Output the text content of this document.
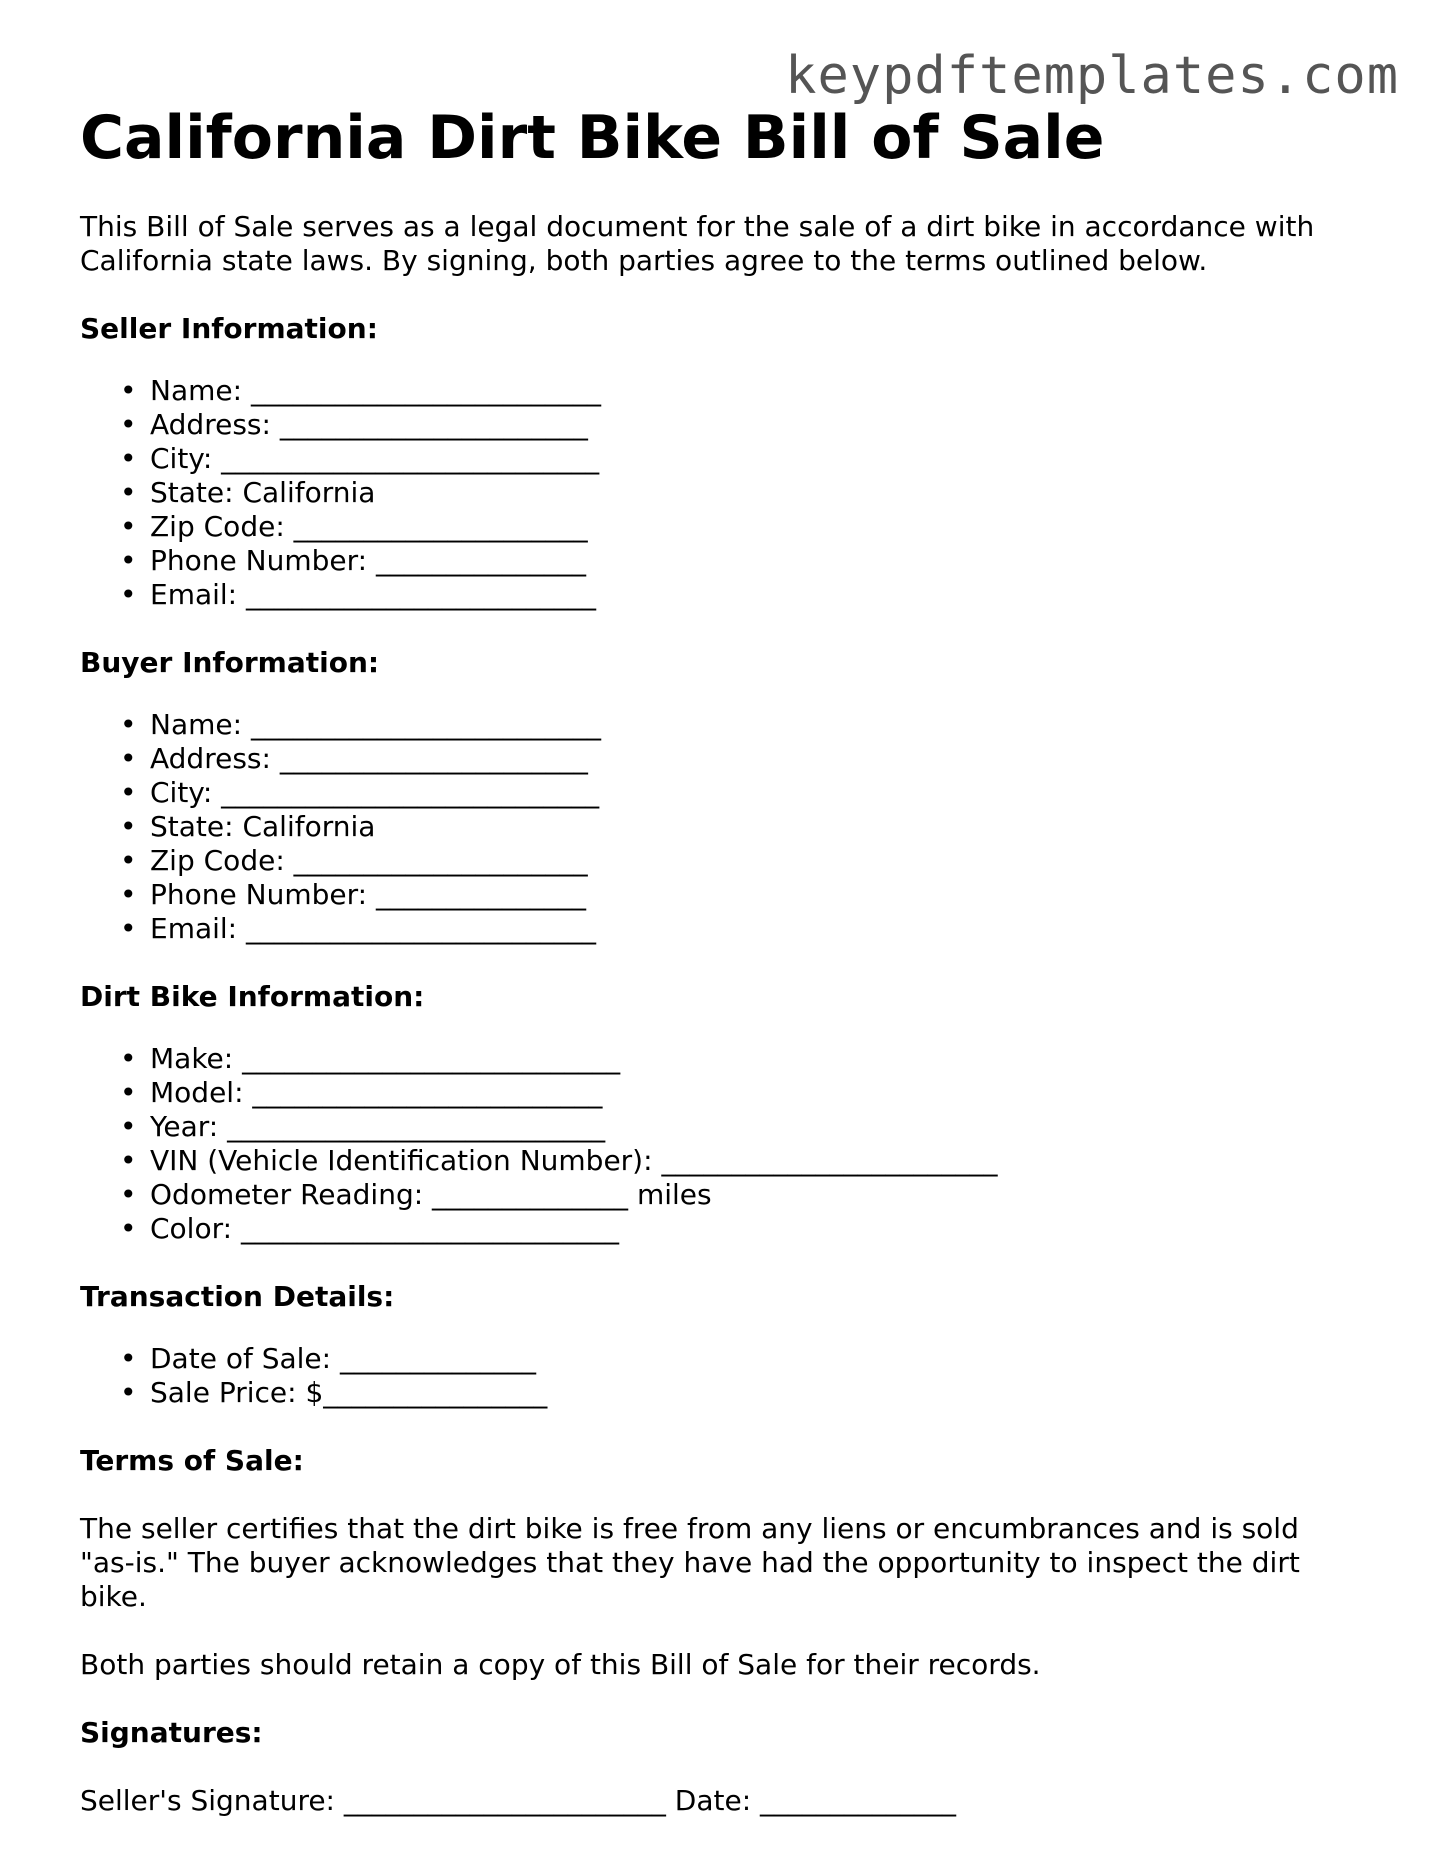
keypdftemplates.com
California Dirt Bike Bill of Sale

This Bill of Sale serves as a legal document for the sale of a dirt bike in accordance with California state laws. By signing, both parties agree to the terms outlined below.

Seller Information:
• Name: _________________________
• Address: ______________________
• City: ___________________________
• State: California
• Zip Code: _____________________
• Phone Number: _______________
• Email: _________________________
Buyer Information:
• Name: _________________________
• Address: ______________________
• City: ___________________________
• State: California
• Zip Code: _____________________
• Phone Number: _______________
• Email: _________________________
Dirt Bike Information:
• Make: ___________________________
• Model: _________________________
• Year: ___________________________
• VIN (Vehicle Identification Number): ________________________
• Odometer Reading: ______________ miles
• Color: ___________________________
Transaction Details:
• Date of Sale: ______________
• Sale Price: $________________
Terms of Sale:

The seller certifies that the dirt bike is free from any liens or encumbrances and is sold "as-is." The buyer acknowledges that they have had the opportunity to inspect the dirt bike.

Both parties should retain a copy of this Bill of Sale for their records.

Signatures:

Seller's Signature: _______________________ Date: ______________
